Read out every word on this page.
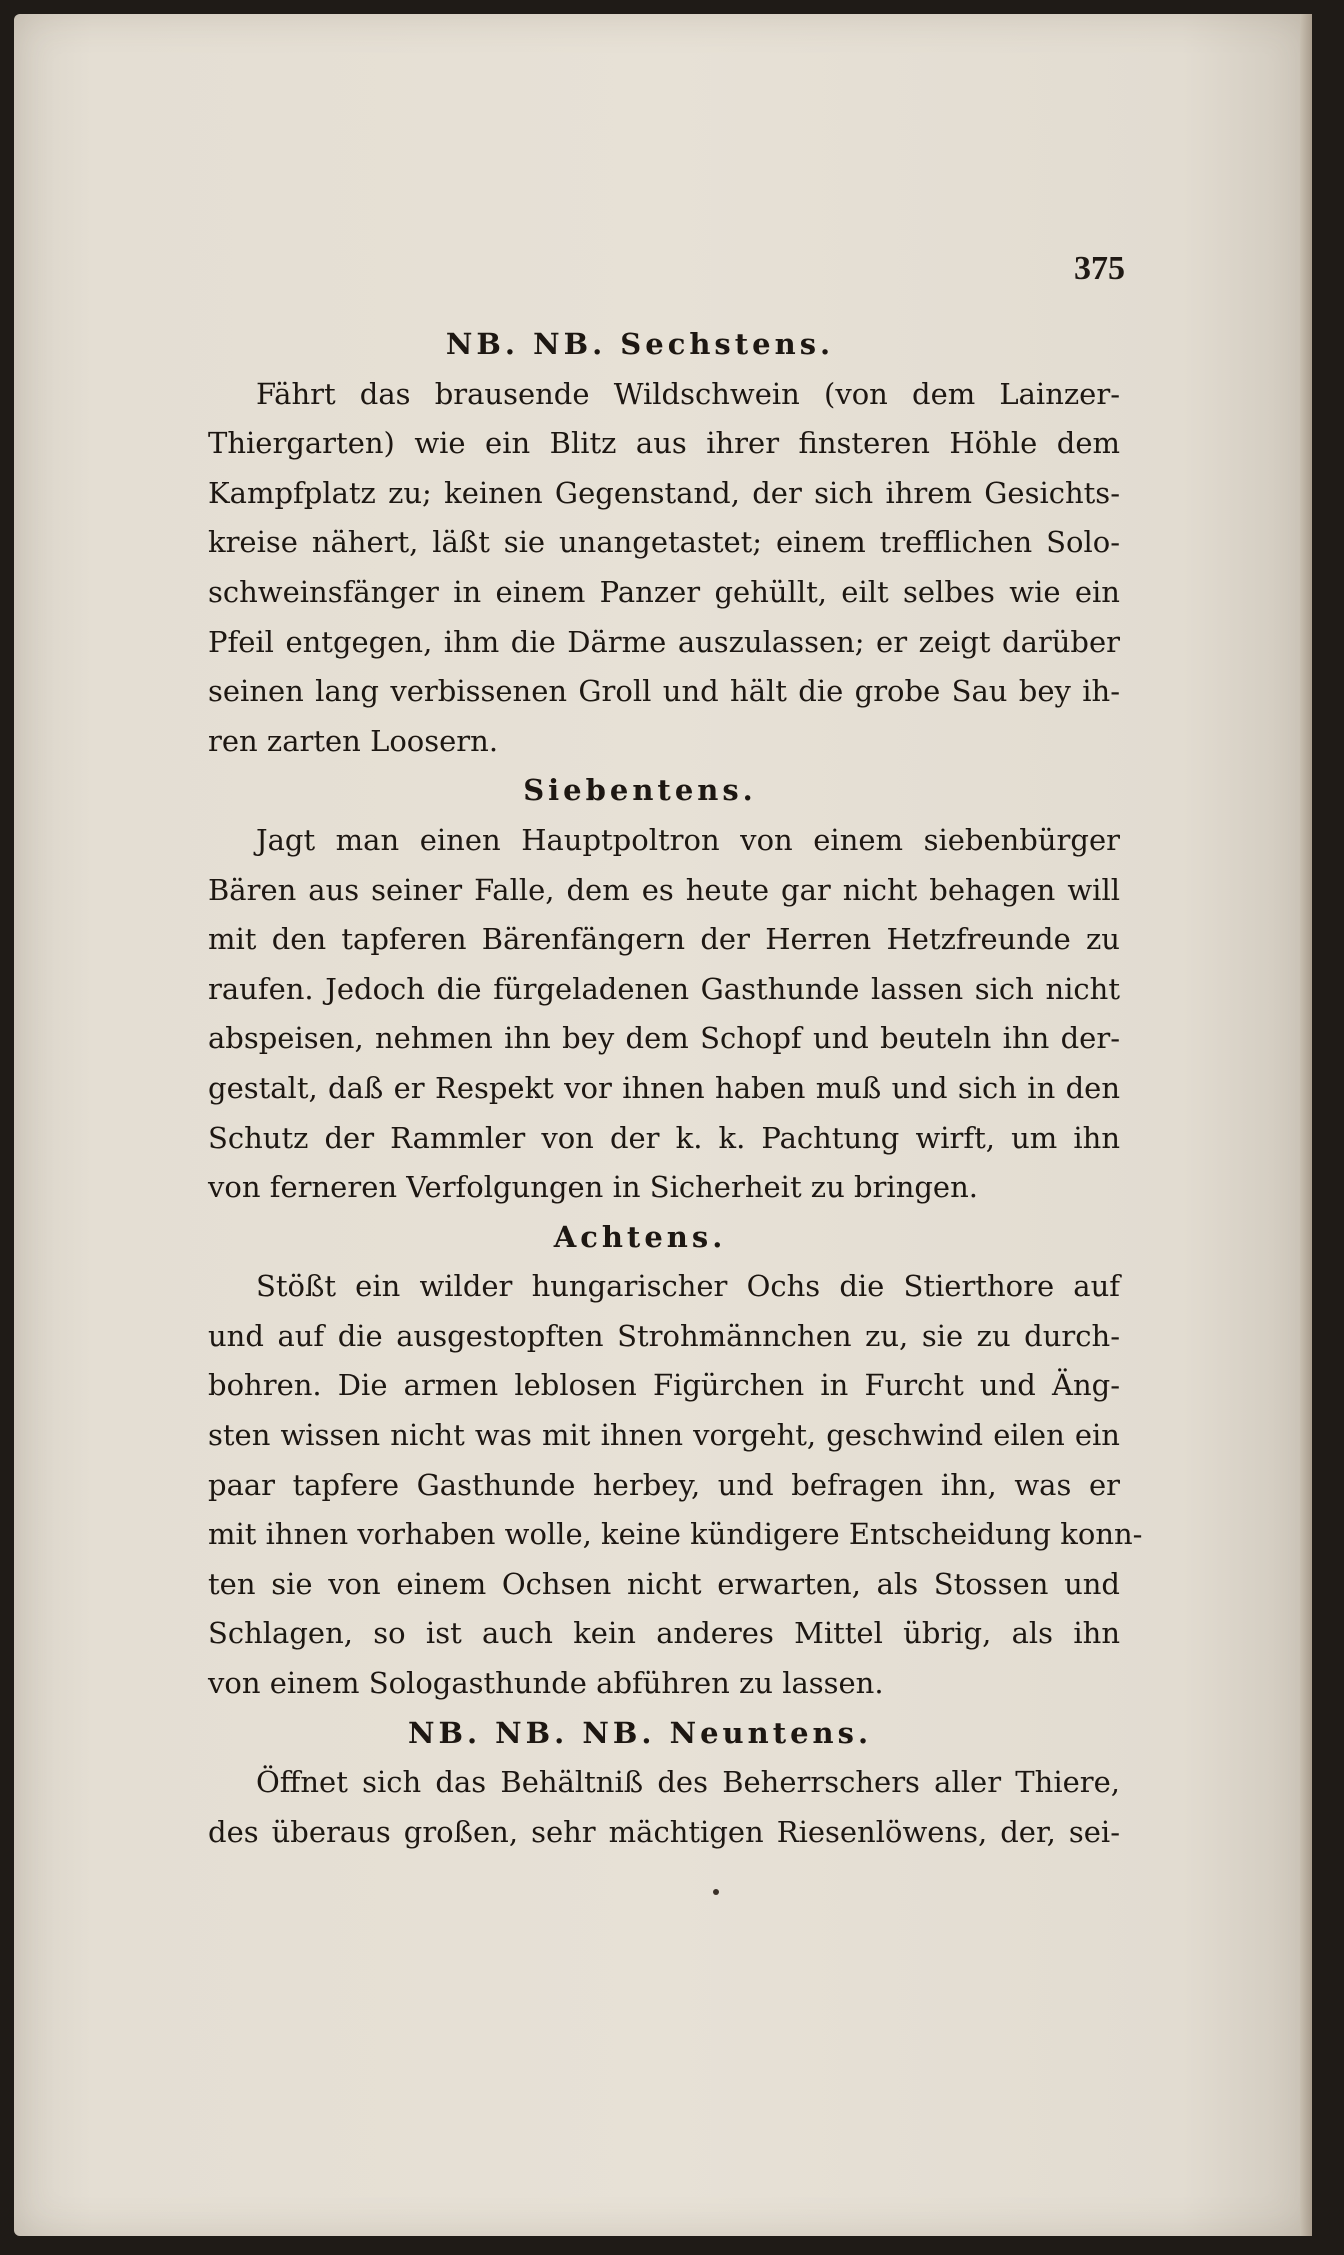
375

NB. NB. Sechstens.

Fährt das brausende Wildschwein (von dem Lainzer-
Thiergarten) wie ein Blitz aus ihrer finsteren Höhle dem
Kampfplatz zu; keinen Gegenstand, der sich ihrem Gesichts-
kreise nähert, läßt sie unangetastet; einem trefflichen Solo-
schweinsfänger in einem Panzer gehüllt, eilt selbes wie ein
Pfeil entgegen, ihm die Därme auszulassen; er zeigt darüber
seinen lang verbissenen Groll und hält die grobe Sau bey ih-
ren zarten Loosern.

Siebentens.

Jagt man einen Hauptpoltron von einem siebenbürger
Bären aus seiner Falle, dem es heute gar nicht behagen will
mit den tapferen Bärenfängern der Herren Hetzfreunde zu
raufen. Jedoch die fürgeladenen Gasthunde lassen sich nicht
abspeisen, nehmen ihn bey dem Schopf und beuteln ihn der-
gestalt, daß er Respekt vor ihnen haben muß und sich in den
Schutz der Rammler von der k. k. Pachtung wirft, um ihn
von ferneren Verfolgungen in Sicherheit zu bringen.

Achtens.

Stößt ein wilder hungarischer Ochs die Stierthore auf
und auf die ausgestopften Strohmännchen zu, sie zu durch-
bohren. Die armen leblosen Figürchen in Furcht und Äng-
sten wissen nicht was mit ihnen vorgeht, geschwind eilen ein
paar tapfere Gasthunde herbey, und befragen ihn, was er
mit ihnen vorhaben wolle, keine kündigere Entscheidung konn-
ten sie von einem Ochsen nicht erwarten, als Stossen und
Schlagen, so ist auch kein anderes Mittel übrig, als ihn
von einem Sologasthunde abführen zu lassen.

NB. NB. NB. Neuntens.

Öffnet sich das Behältniß des Beherrschers aller Thiere,
des überaus großen, sehr mächtigen Riesenlöwens, der, sei-
